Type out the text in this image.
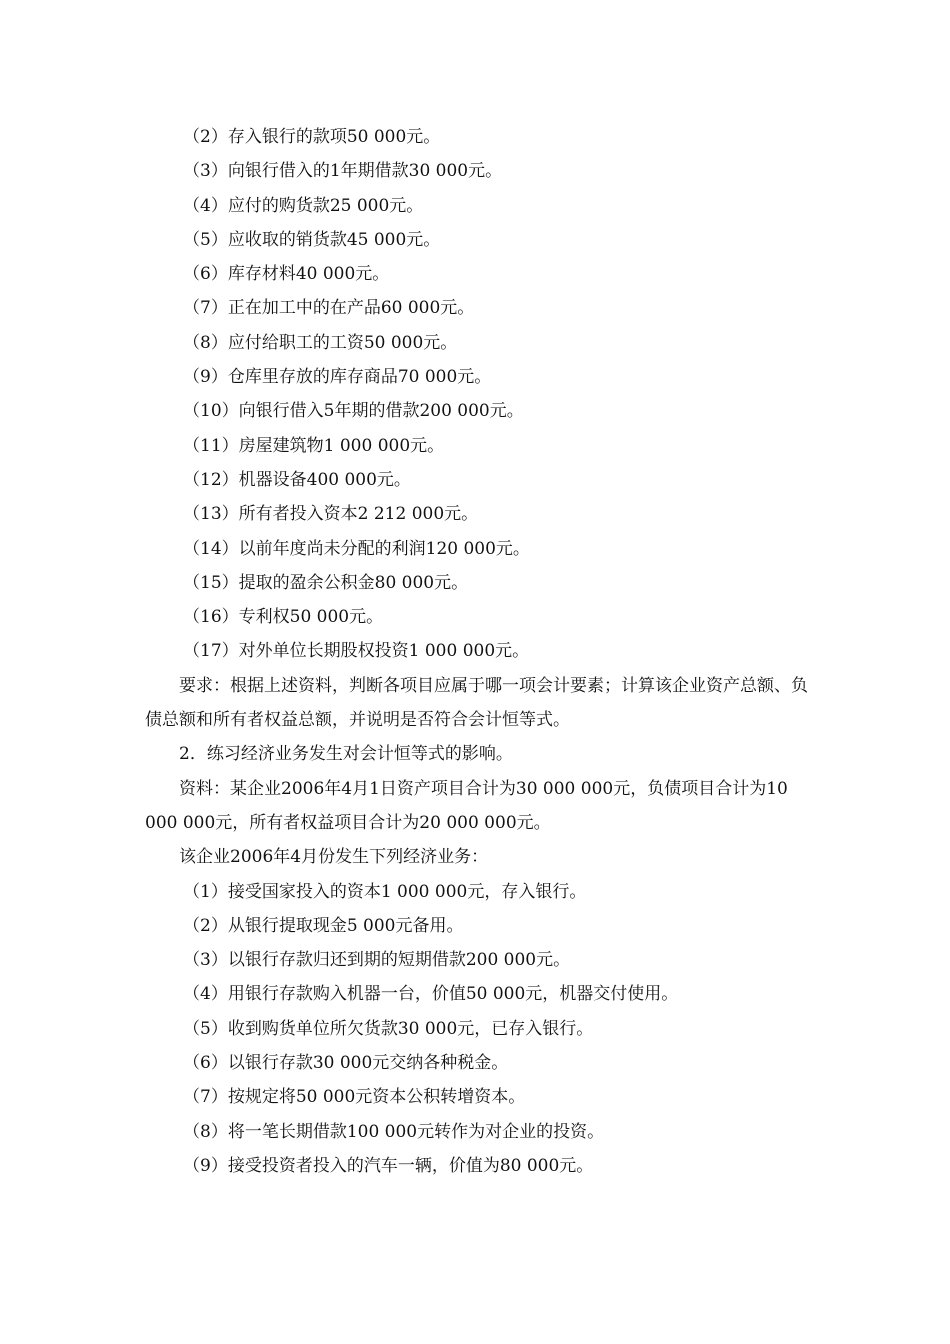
（2）存入银行的款项50 000元。
（3）向银行借入的1年期借款30 000元。
（4）应付的购货款25 000元。
（5）应收取的销货款45 000元。
（6）库存材料40 000元。
（7）正在加工中的在产品60 000元。
（8）应付给职工的工资50 000元。
（9）仓库里存放的库存商品70 000元。
（10）向银行借入5年期的借款200 000元。
（11）房屋建筑物1 000 000元。
（12）机器设备400 000元。
（13）所有者投入资本2 212 000元。
（14）以前年度尚未分配的利润120 000元。
（15）提取的盈余公积金80 000元。
（16）专利权50 000元。
（17）对外单位长期股权投资1 000 000元。
要求：根据上述资料，判断各项目应属于哪一项会计要素；计算该企业资产总额、负债总额和所有者权益总额，并说明是否符合会计恒等式。
2．练习经济业务发生对会计恒等式的影响。
资料：某企业2006年4月1日资产项目合计为30 000 000元，负债项目合计为10 000 000元，所有者权益项目合计为20 000 000元。
该企业2006年4月份发生下列经济业务：
（1）接受国家投入的资本1 000 000元，存入银行。
（2）从银行提取现金5 000元备用。
（3）以银行存款归还到期的短期借款200 000元。
（4）用银行存款购入机器一台，价值50 000元，机器交付使用。
（5）收到购货单位所欠货款30 000元，已存入银行。
（6）以银行存款30 000元交纳各种税金。
（7）按规定将50 000元资本公积转增资本。
（8）将一笔长期借款100 000元转作为对企业的投资。
（9）接受投资者投入的汽车一辆，价值为80 000元。
